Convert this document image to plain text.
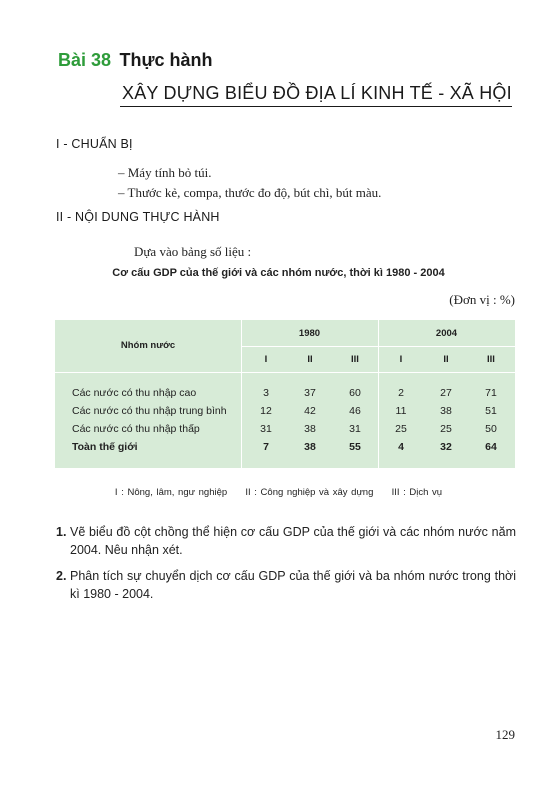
Bài 38 Thực hành
XÂY DỰNG BIỂU ĐỒ ĐỊA LÍ KINH TẾ - XÃ HỘI
I - CHUẨN BỊ
– Máy tính bỏ túi.
– Thước kẻ, compa, thước đo độ, bút chì, bút màu.
II - NỘI DUNG THỰC HÀNH
Dựa vào bảng số liệu :
Cơ cấu GDP của thế giới và các nhóm nước, thời kì 1980 - 2004
(Đơn vị : %)
Nhóm nước
1980	2004
I	II	III	I	II	III
Các nước có thu nhập cao	3	37	60	2	27	71
Các nước có thu nhập trung bình	12	42	46	11	38	51
Các nước có thu nhập thấp	31	38	31	25	25	50
Toàn thế giới	7	38	55	4	32	64
I : Nông, lâm, ngư nghiệp     II : Công nghiệp và xây dựng     III : Dịch vụ
1. Vẽ biểu đồ cột chồng thể hiện cơ cấu GDP của thế giới và các nhóm nước năm 2004. Nêu nhận xét.
2. Phân tích sự chuyển dịch cơ cấu GDP của thế giới và ba nhóm nước trong thời kì 1980 - 2004.
129
